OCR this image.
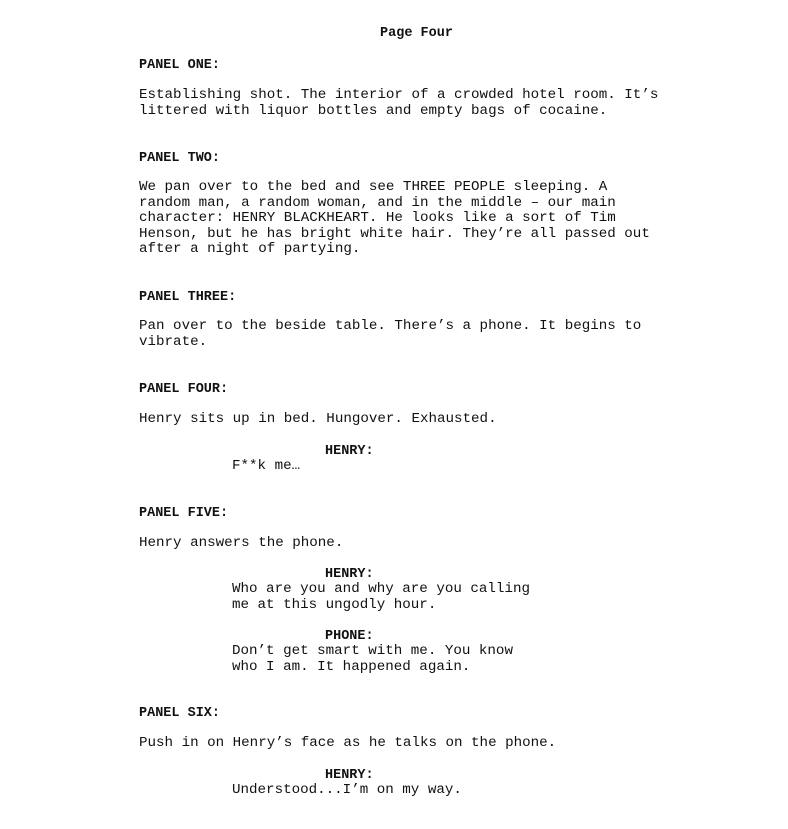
Page Four
PANEL ONE:
Establishing shot. The interior of a crowded hotel room. It’s
littered with liquor bottles and empty bags of cocaine.
PANEL TWO:
We pan over to the bed and see THREE PEOPLE sleeping. A
random man, a random woman, and in the middle – our main
character: HENRY BLACKHEART. He looks like a sort of Tim
Henson, but he has bright white hair. They’re all passed out
after a night of partying.
PANEL THREE:
Pan over to the beside table. There’s a phone. It begins to
vibrate.
PANEL FOUR:
Henry sits up in bed. Hungover. Exhausted.
HENRY:
F**k me…
PANEL FIVE:
Henry answers the phone.
HENRY:
Who are you and why are you calling
me at this ungodly hour.
PHONE:
Don’t get smart with me. You know
who I am. It happened again.
PANEL SIX:
Push in on Henry’s face as he talks on the phone.
HENRY:
Understood...I’m on my way.
